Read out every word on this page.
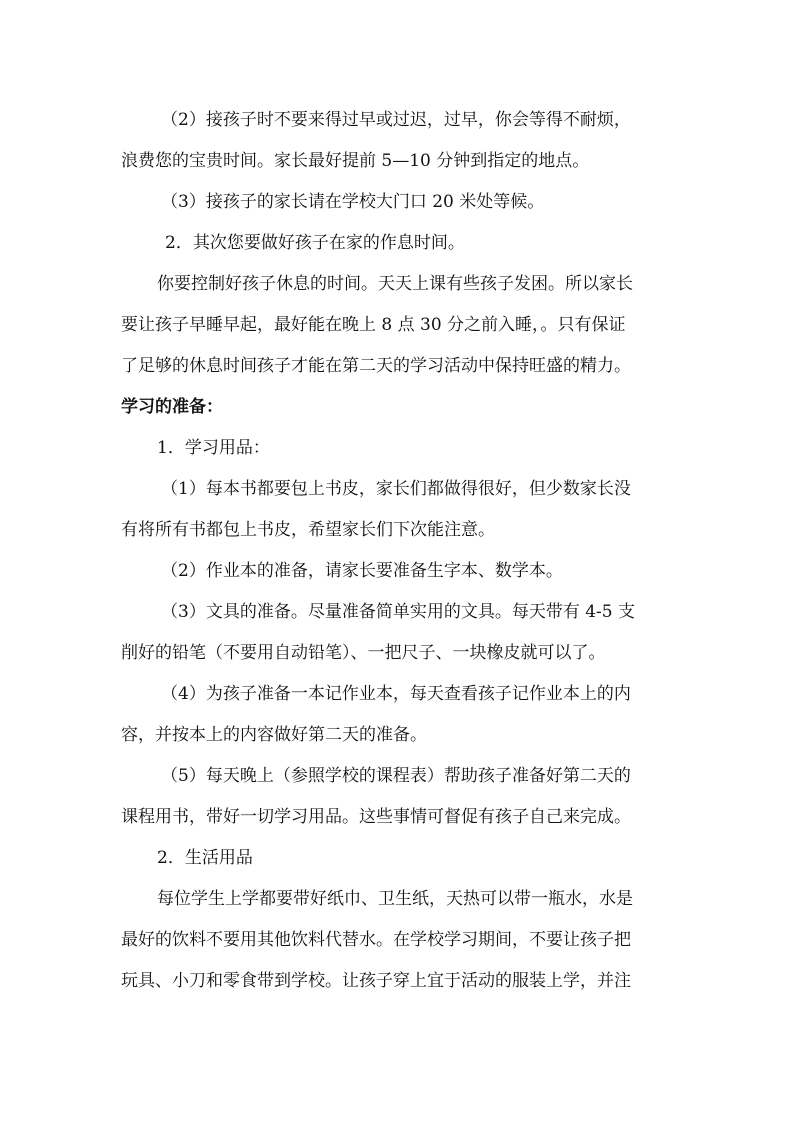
（2）接孩子时不要来得过早或过迟，过早，你会等得不耐烦，
浪费您的宝贵时间。家长最好提前 5—10 分钟到指定的地点。

（3）接孩子的家长请在学校大门口 20 米处等候。

2．其次您要做好孩子在家的作息时间。

你要控制好孩子休息的时间。天天上课有些孩子发困。所以家长
要让孩子早睡早起，最好能在晚上 8 点 30 分之前入睡，。只有保证
了足够的休息时间孩子才能在第二天的学习活动中保持旺盛的精力。

学习的准备：

1．学习用品：

（1）每本书都要包上书皮，家长们都做得很好，但少数家长没
有将所有书都包上书皮，希望家长们下次能注意。

（2）作业本的准备，请家长要准备生字本、数学本。

（3）文具的准备。尽量准备简单实用的文具。每天带有 4-5 支
削好的铅笔（不要用自动铅笔）、一把尺子、一块橡皮就可以了。

（4）为孩子准备一本记作业本，每天查看孩子记作业本上的内
容，并按本上的内容做好第二天的准备。

（5）每天晚上（参照学校的课程表）帮助孩子准备好第二天的
课程用书，带好一切学习用品。这些事情可督促有孩子自己来完成。

2．生活用品

每位学生上学都要带好纸巾、卫生纸，天热可以带一瓶水，水是
最好的饮料不要用其他饮料代替水。在学校学习期间，不要让孩子把
玩具、小刀和零食带到学校。让孩子穿上宜于活动的服装上学，并注
